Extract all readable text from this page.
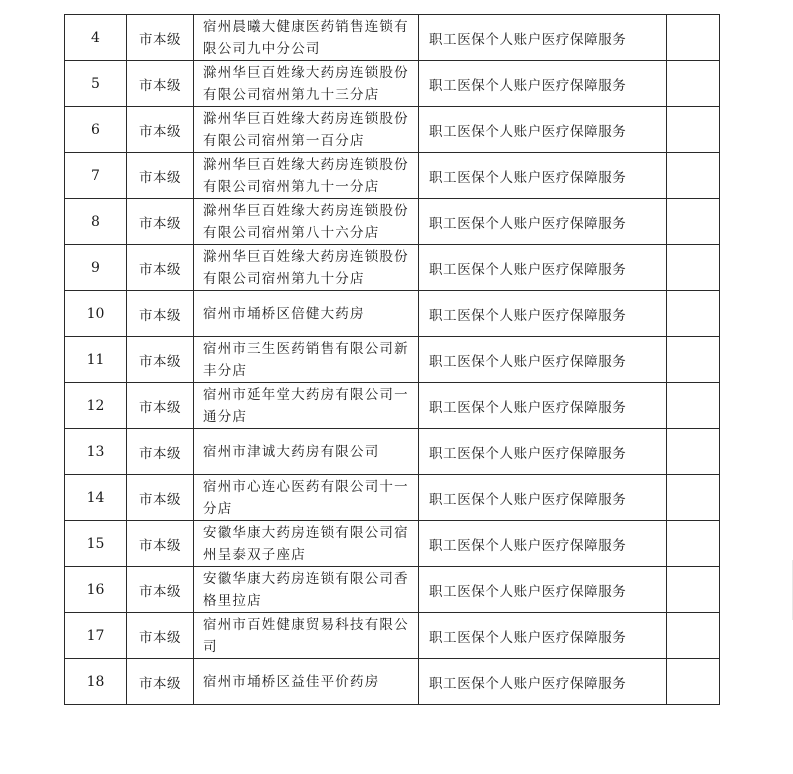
4	市本级	宿州晨曦大健康医药销售连锁有限公司九中分公司	职工医保个人账户医疗保障服务	
5	市本级	滁州华巨百姓缘大药房连锁股份有限公司宿州第九十三分店	职工医保个人账户医疗保障服务	
6	市本级	滁州华巨百姓缘大药房连锁股份有限公司宿州第一百分店	职工医保个人账户医疗保障服务	
7	市本级	滁州华巨百姓缘大药房连锁股份有限公司宿州第九十一分店	职工医保个人账户医疗保障服务	
8	市本级	滁州华巨百姓缘大药房连锁股份有限公司宿州第八十六分店	职工医保个人账户医疗保障服务	
9	市本级	滁州华巨百姓缘大药房连锁股份有限公司宿州第九十分店	职工医保个人账户医疗保障服务	
10	市本级	宿州市埇桥区倍健大药房	职工医保个人账户医疗保障服务	
11	市本级	宿州市三生医药销售有限公司新丰分店	职工医保个人账户医疗保障服务	
12	市本级	宿州市延年堂大药房有限公司一通分店	职工医保个人账户医疗保障服务	
13	市本级	宿州市津诚大药房有限公司	职工医保个人账户医疗保障服务	
14	市本级	宿州市心连心医药有限公司十一分店	职工医保个人账户医疗保障服务	
15	市本级	安徽华康大药房连锁有限公司宿州呈泰双子座店	职工医保个人账户医疗保障服务	
16	市本级	安徽华康大药房连锁有限公司香格里拉店	职工医保个人账户医疗保障服务	
17	市本级	宿州市百姓健康贸易科技有限公司	职工医保个人账户医疗保障服务	
18	市本级	宿州市埇桥区益佳平价药房	职工医保个人账户医疗保障服务	
